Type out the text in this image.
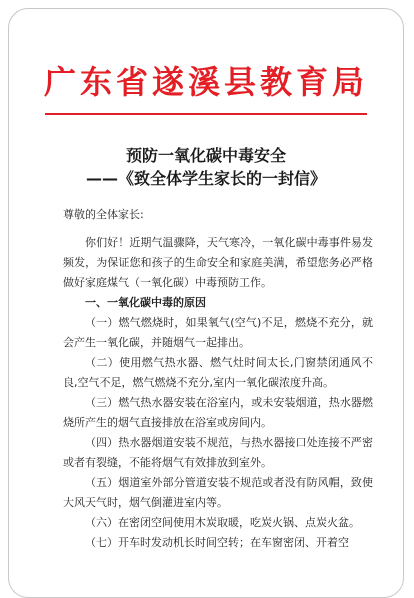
广东省遂溪县教育局
预防一氧化碳中毒安全
——《致全体学生家长的一封信》

尊敬的全体家长:

你们好！近期气温骤降，天气寒冷，一氧化碳中毒事件易发频发，为保证您和孩子的生命安全和家庭美满，希望您务必严格做好家庭煤气（一氧化碳）中毒预防工作。

一、一氧化碳中毒的原因

（一）燃气燃烧时，如果氧气(空气)不足，燃烧不充分，就会产生一氧化碳，并随烟气一起排出。

（二）使用燃气热水器、燃气灶时间太长,门窗禁闭通风不良,空气不足，燃气燃烧不充分,室内一氧化碳浓度升高。

（三）燃气热水器安装在浴室内，或未安装烟道，热水器燃烧所产生的烟气直接排放在浴室或房间内。

（四）热水器烟道安装不规范，与热水器接口处连接不严密或者有裂缝，不能将烟气有效排放到室外。

（五）烟道室外部分管道安装不规范或者没有防风帽，致使大风天气时，烟气倒灌进室内等。

（六）在密闭空间使用木炭取暖，吃炭火锅、点炭火盆。

（七）开车时发动机长时间空转；在车窗密闭、开着空
